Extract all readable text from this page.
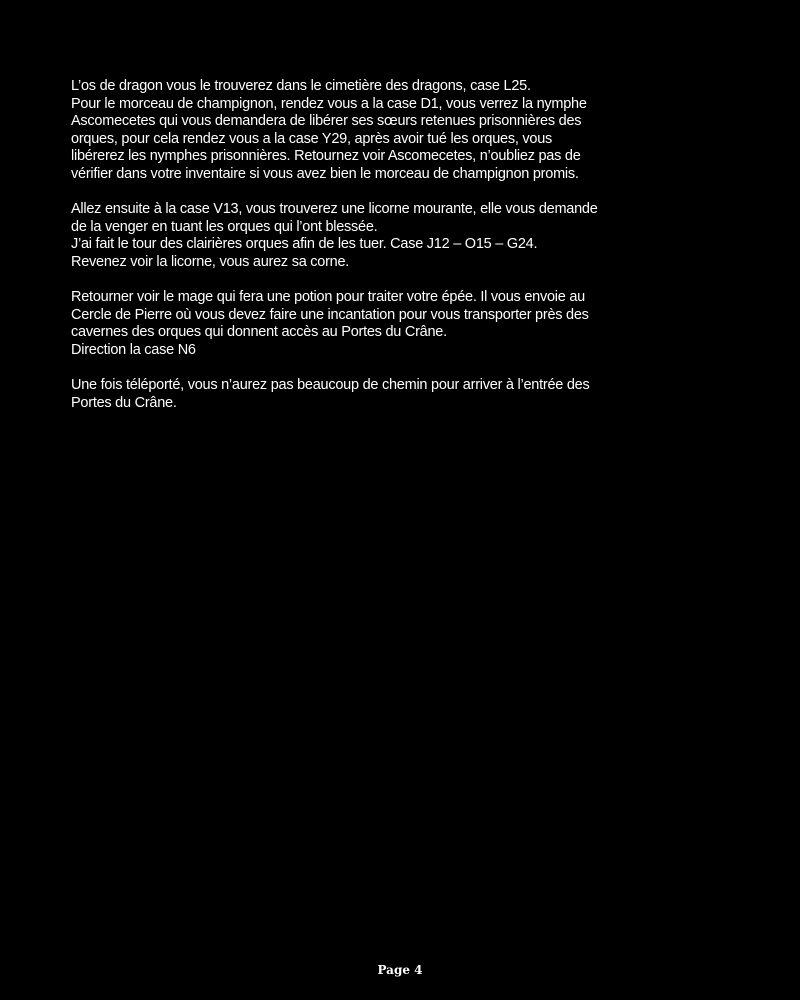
L’os de dragon vous le trouverez dans le cimetière des dragons, case L25.
Pour le morceau de champignon, rendez vous a la case D1, vous verrez la nymphe
Ascomecetes qui vous demandera de libérer ses sœurs retenues prisonnières des
orques, pour cela rendez vous a la case Y29, après avoir tué les orques, vous
libérerez les nymphes prisonnières. Retournez voir Ascomecetes, n’oubliez pas de
vérifier dans votre inventaire si vous avez bien le morceau de champignon promis.
Allez ensuite à la case V13, vous trouverez une licorne mourante, elle vous demande
de la venger en tuant les orques qui l’ont blessée.
J’ai fait le tour des clairières orques afin de les tuer. Case J12 – O15 – G24.
Revenez voir la licorne, vous aurez sa corne.
Retourner voir le mage qui fera une potion pour traiter votre épée. Il vous envoie au
Cercle de Pierre où vous devez faire une incantation pour vous transporter près des
cavernes des orques qui donnent accès au Portes du Crâne.
Direction la case N6
Une fois téléporté, vous n’aurez pas beaucoup de chemin pour arriver à l’entrée des
Portes du Crâne.
Page 4
